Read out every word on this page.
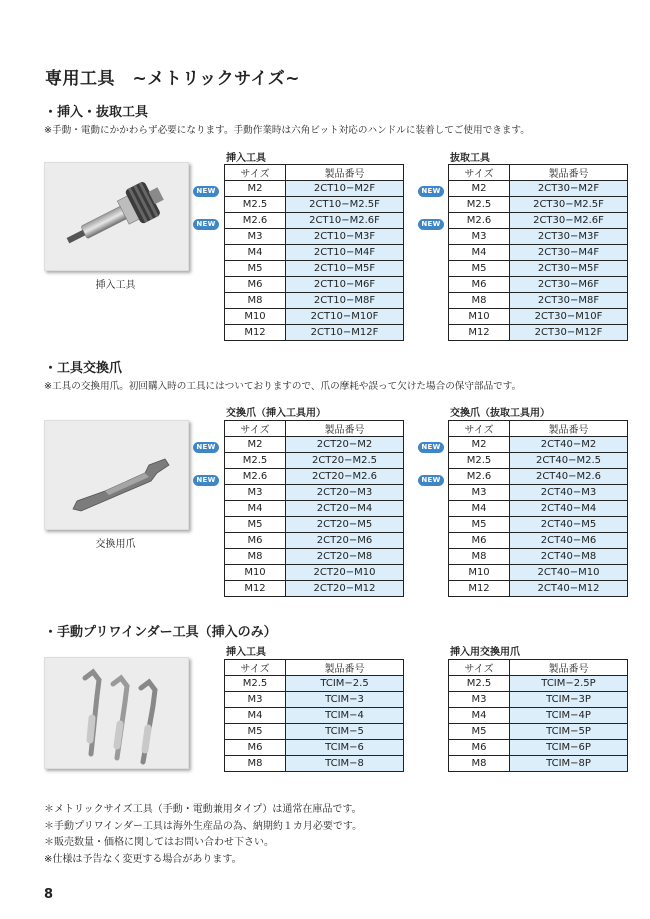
専用工具　~メトリックサイズ~
・挿入・抜取工具
※手動・電動にかかわらず必要になります。手動作業時は六角ビット対応のハンドルに装着してご使用できます。
挿入工具
挿入工具
サイズ	製品番号
M2	2CT10−M2F
M2.5	2CT10−M2.5F
M2.6	2CT10−M2.6F
M3	2CT10−M3F
M4	2CT10−M4F
M5	2CT10−M5F
M6	2CT10−M6F
M8	2CT10−M8F
M10	2CT10−M10F
M12	2CT10−M12F
NEW
NEW
抜取工具
サイズ	製品番号
M2	2CT30−M2F
M2.5	2CT30−M2.5F
M2.6	2CT30−M2.6F
M3	2CT30−M3F
M4	2CT30−M4F
M5	2CT30−M5F
M6	2CT30−M6F
M8	2CT30−M8F
M10	2CT30−M10F
M12	2CT30−M12F
NEW
NEW
・工具交換爪
※工具の交換用爪。初回購入時の工具にはついておりますので、爪の摩耗や誤って欠けた場合の保守部品です。
交換用爪
交換爪（挿入工具用）
サイズ	製品番号
M2	2CT20−M2
M2.5	2CT20−M2.5
M2.6	2CT20−M2.6
M3	2CT20−M3
M4	2CT20−M4
M5	2CT20−M5
M6	2CT20−M6
M8	2CT20−M8
M10	2CT20−M10
M12	2CT20−M12
NEW
NEW
交換爪（抜取工具用）
サイズ	製品番号
M2	2CT40−M2
M2.5	2CT40−M2.5
M2.6	2CT40−M2.6
M3	2CT40−M3
M4	2CT40−M4
M5	2CT40−M5
M6	2CT40−M6
M8	2CT40−M8
M10	2CT40−M10
M12	2CT40−M12
NEW
NEW
・手動プリワインダー工具（挿入のみ）
挿入工具
サイズ	製品番号
M2.5	TCIM−2.5
M3	TCIM−3
M4	TCIM−4
M5	TCIM−5
M6	TCIM−6
M8	TCIM−8
挿入用交換用爪
サイズ	製品番号
M2.5	TCIM−2.5P
M3	TCIM−3P
M4	TCIM−4P
M5	TCIM−5P
M6	TCIM−6P
M8	TCIM−8P
＊メトリックサイズ工具（手動・電動兼用タイプ）は通常在庫品です。
＊手動プリワインダー工具は海外生産品の為、納期約１カ月必要です。
＊販売数量・価格に関してはお問い合わせ下さい。
※仕様は予告なく変更する場合があります。
8
